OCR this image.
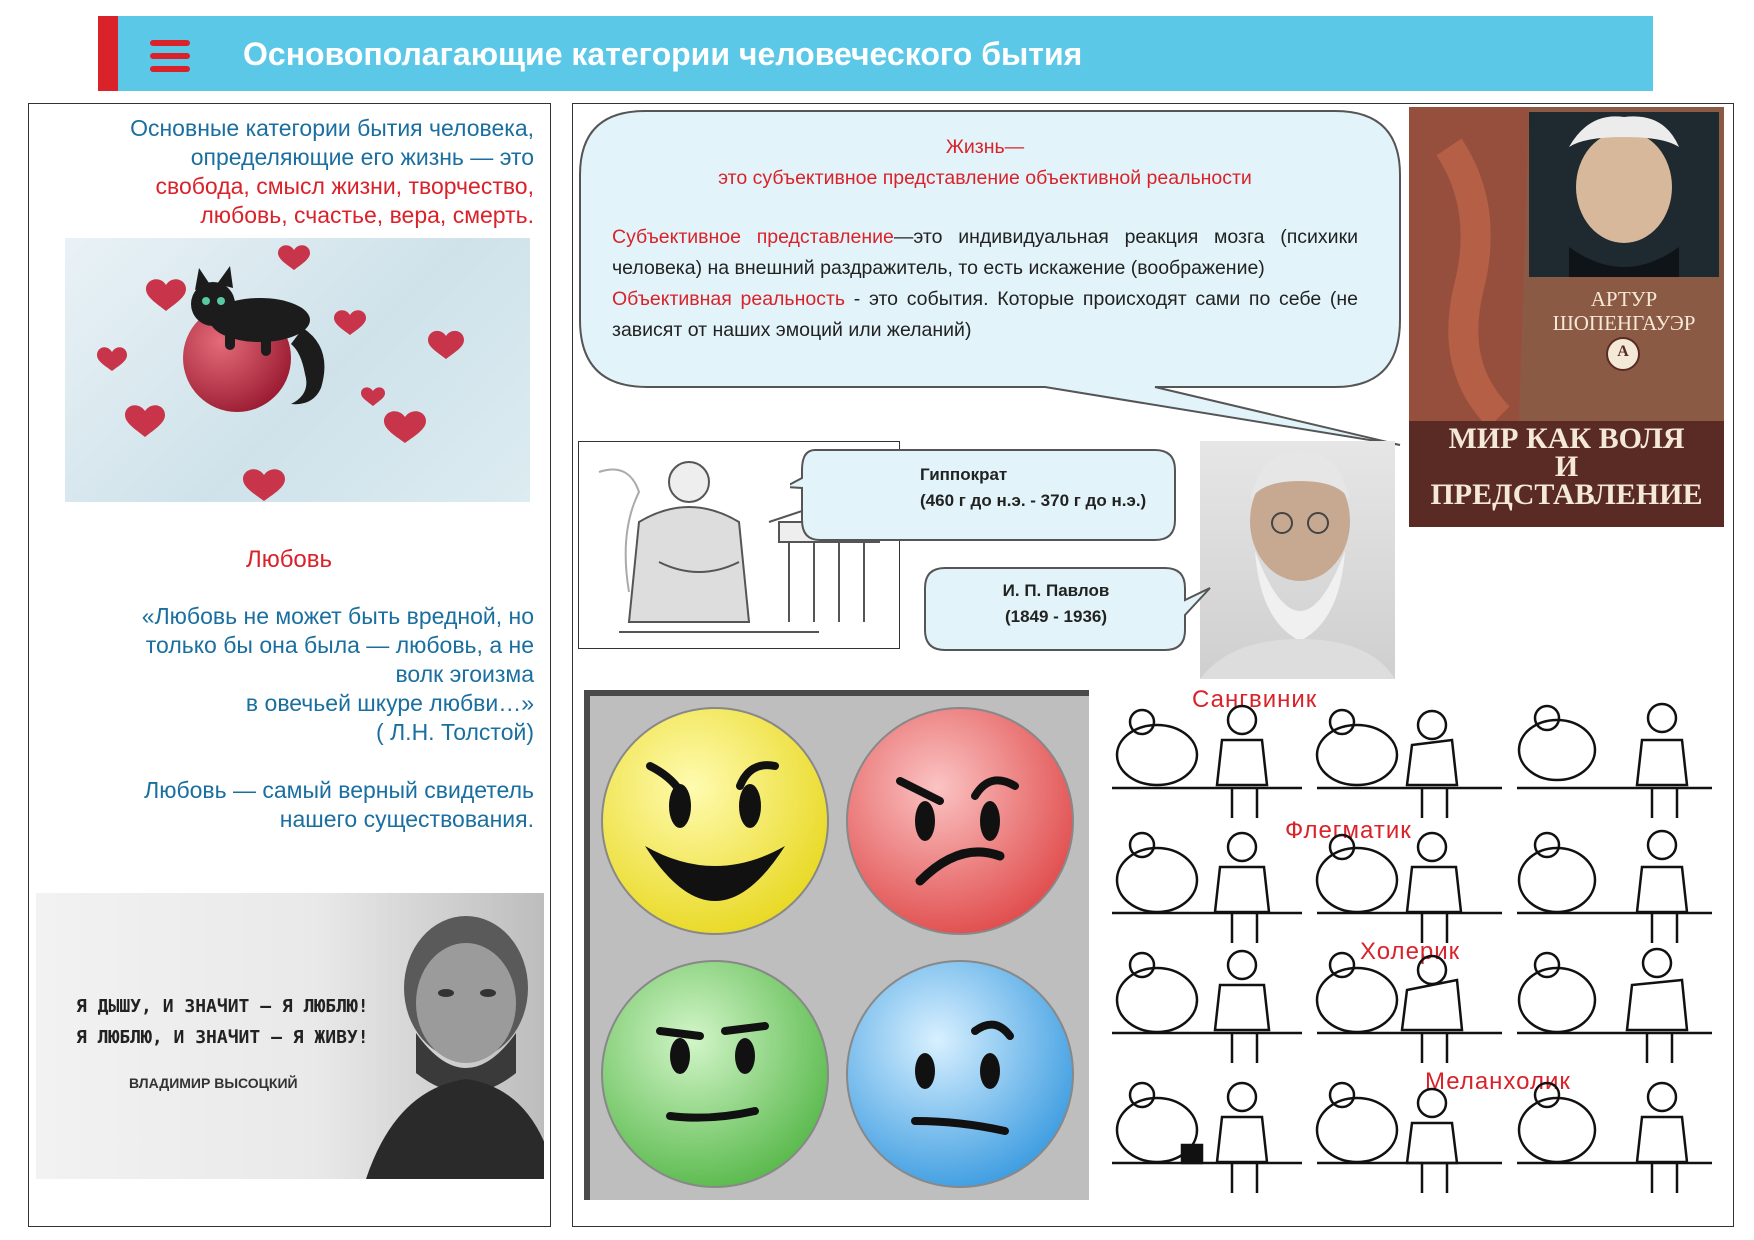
Основополагающие категории человеческого бытия
Основные категории бытия человека,
определяющие его жизнь — это
свобода, смысл жизни, творчество,
любовь, счастье, вера, смерть.
Любовь
«Любовь не может быть вредной, но
только бы она была — любовь, а не
волк эгоизма
в овечьей шкуре любви…»
( Л.Н. Толстой)
Любовь — самый верный свидетель
нашего существования.
Я ДЫШУ, И ЗНАЧИТ – Я ЛЮБЛЮ!
Я ЛЮБЛЮ, И ЗНАЧИТ – Я ЖИВУ!
ВЛАДИМИР ВЫСОЦКИЙ
Жизнь—
это субъективное представление объективной реальности
Субъективное представление—это индивидуальная реакция мозга (психики человека) на внешний раздражитель, то есть искажение (воображение)
Объективная реальность - это события. Которые происходят сами по себе (не зависят от наших эмоций или желаний)
АРТУР
ШОПЕНГАУЭР
А
МИР КАК ВОЛЯ
И
ПРЕДСТАВЛЕНИЕ
Гиппократ
(460 г до н.э. - 370 г до н.э.)
И. П. Павлов
(1849 - 1936)
Сангвиник
Флегматик
Холерик
Меланхолик
